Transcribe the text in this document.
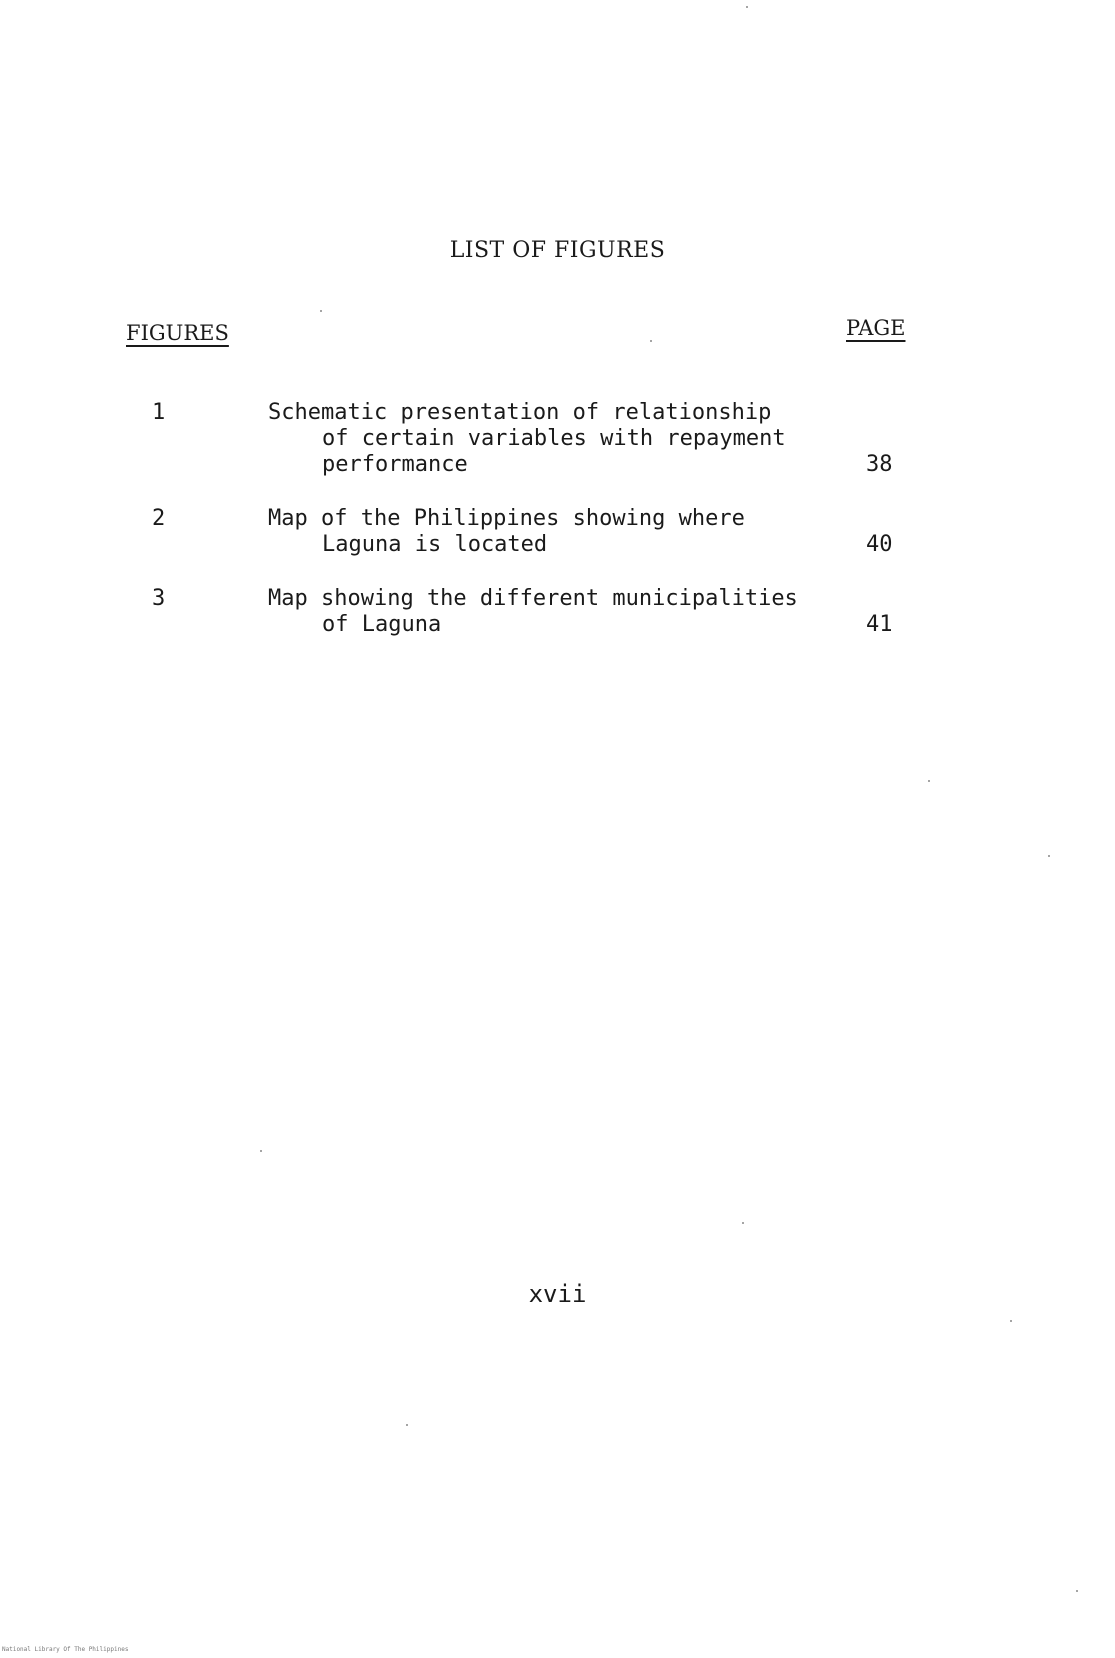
LIST OF FIGURES
FIGURES	PAGE
1	Schematic presentation of relationship
of certain variables with repayment
performance	38
2	Map of the Philippines showing where
Laguna is located	40
3	Map showing the different municipalities
of Laguna	41
xvii
National Library Of The Philippines
